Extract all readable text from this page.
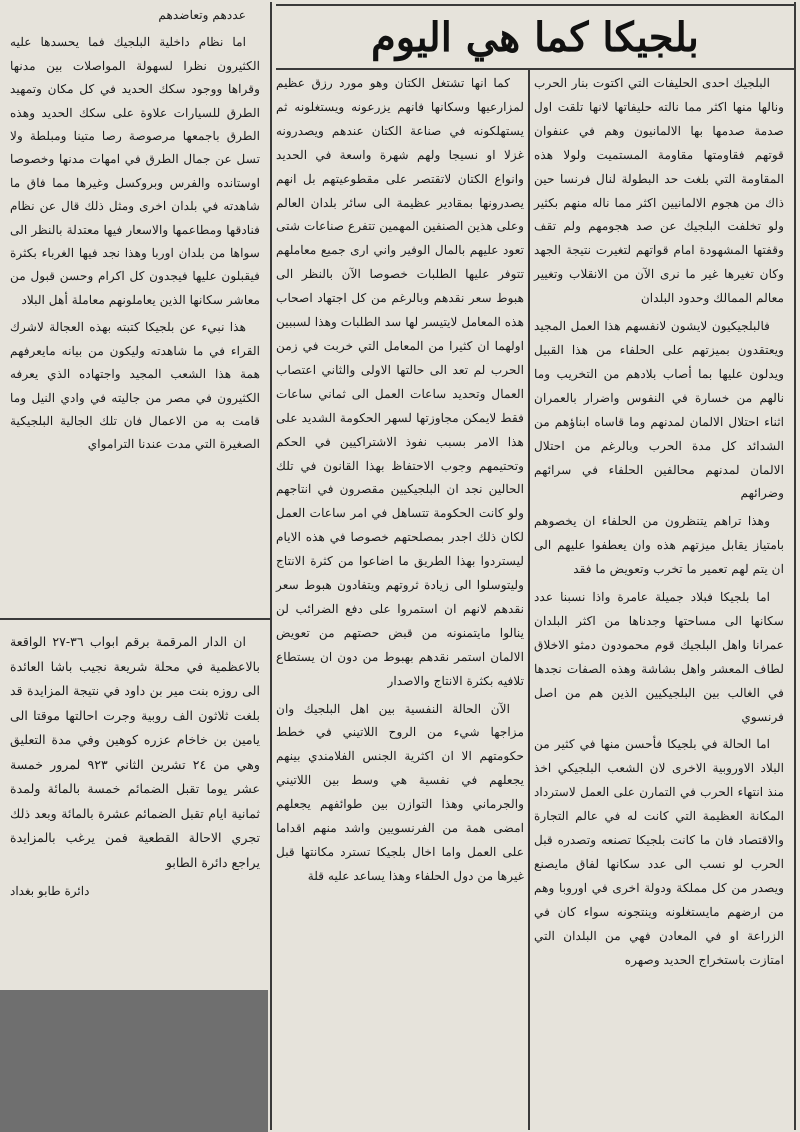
بلجيكا كما هي اليوم

البلجيك احدى الحليفات التي اكتوت بنار الحرب ونالها منها اكثر مما نالته حليفاتها لانها تلقت اول صدمة صدمها بها الالمانيون وهم في عنفوان قوتهم فقاومتها مقاومة المستميت ولولا هذه المقاومة التي بلغت حد البطولة لنال فرنسا حين ذاك من هجوم الالمانيين اكثر مما ناله منهم بكثير ولو تخلفت البلجيك عن صد هجومهم ولم تقف وقفتها المشهودة امام قواتهم لتغيرت نتيجة الجهد وكان تغيرها غير ما نرى الآن من الانقلاب وتغيير معالم الممالك وحدود البلدان

فالبلجيكيون لايشون لانفسهم هذا العمل المجيد ويعتقدون بميزتهم على الحلفاء من هذا القبيل ويدلون عليها بما أصاب بلادهم من التخريب وما نالهم من خسارة في النفوس واضرار بالعمران اثناء احتلال الالمان لمدنهم وما قاساه ابناؤهم من الشدائد كل مدة الحرب وبالرغم من احتلال الالمان لمدنهم محالفين الحلفاء في سرائهم وضرائهم

وهذا تراهم يتنظرون من الحلفاء ان يخصوهم بامتياز يقابل ميزتهم هذه وان يعطفوا عليهم الى ان يتم لهم تعمير ما تخرب وتعويض ما فقد

اما بلجيكا فبلاد جميلة عامرة واذا نسبنا عدد سكانها الى مساحتها وجدناها من اكثر البلدان عمرانا واهل البلجيك قوم محمودون دمثو الاخلاق لطاف المعشر واهل بشاشة وهذه الصفات نجدها في الغالب بين البلجيكيين الذين هم من اصل فرنسوي

اما الحالة في بلجيكا فأحسن منها في كثير من البلاد الاوروبية الاخرى لان الشعب البلجيكي اخذ منذ انتهاء الحرب في التمارن على العمل لاسترداد المكانة العظيمة التي كانت له في عالم التجارة والاقتصاد فان ما كانت بلجيكا تصنعه وتصدره قبل الحرب لو نسب الى عدد سكانها لفاق مايصنع ويصدر من كل مملكة ودولة اخرى في اوروبا وهم من ارضهم مايستغلونه وينتجونه سواء كان في الزراعة او في المعادن فهي من البلدان التي امتازت باستخراج الحديد وصهره

كما انها تشتغل الكتان وهو مورد رزق عظيم لمزارعيها وسكانها فانهم يزرعونه ويستغلونه ثم يستهلكونه في صناعة الكتان عندهم ويصدرونه غزلا او نسيجا ولهم شهرة واسعة في الحديد وانواع الكتان لاتقتصر على مقطوعيتهم بل انهم يصدرونها بمقادير عظيمة الى سائر بلدان العالم وعلى هذين الصنفين المهمين تتفرع صناعات شتى تعود عليهم بالمال الوفير واني ارى جميع معاملهم تتوفر عليها الطلبات خصوصا الآن بالنظر الى هبوط سعر نقدهم وبالرغم من كل اجتهاد اصحاب هذه المعامل لايتيسر لها سد الطلبات وهذا لسببين اولهما ان كثيرا من المعامل التي خربت في زمن الحرب لم تعد الى حالتها الاولى والثاني اعتصاب العمال وتحديد ساعات العمل الى ثماني ساعات فقط لايمكن مجاوزتها لسهر الحكومة الشديد على هذا الامر بسبب نفوذ الاشتراكيين في الحكم وتحتيمهم وجوب الاحتفاظ بهذا القانون في تلك الحالين نجد ان البلجيكيين مقصرون في انتاجهم ولو كانت الحكومة تتساهل في امر ساعات العمل لكان ذلك اجدر بمصلحتهم خصوصا في هذه الايام ليستردوا بهذا الطريق ما اضاعوا من كثرة الانتاج وليتوسلوا الى زيادة ثروتهم ويتفادون هبوط سعر نقدهم لانهم ان استمروا على دفع الضرائب لن ينالوا مايتمنونه من قبض حصتهم من تعويض الالمان استمر نقدهم بهبوط من دون ان يستطاع تلافيه بكثرة الانتاج والاصدار

الآن الحالة النفسية بين اهل البلجيك وان مزاجها شيء من الروح اللاتيني في خطط حكومتهم الا ان اكثرية الجنس الفلامندي بينهم يجعلهم في نفسية هي وسط بين اللاتيني والجرماني وهذا التوازن بين طوائفهم يجعلهم امضى همة من الفرنسويين واشد منهم اقداما على العمل واما اخال بلجيكا تسترد مكانتها قبل غيرها من دول الحلفاء وهذا يساعد عليه قلة

عددهم وتعاضدهم

اما نظام داخلية البلجيك فما يحسدها عليه الكثيرون نظرا لسهولة المواصلات بين مدنها وقراها ووجود سكك الحديد في كل مكان وتمهيد الطرق للسيارات علاوة على سكك الحديد وهذه الطرق باجمعها مرصوصة رصا متينا ومبلطة ولا تسل عن جمال الطرق في امهات مدنها وخصوصا اوستانده والفرس وبروكسل وغيرها مما فاق ما شاهدته في بلدان اخرى ومثل ذلك قال عن نظام فنادقها ومطاعمها والاسعار فيها معتدلة بالنظر الى سواها من بلدان اوربا وهذا نجد فيها الغرباء بكثرة فيقبلون عليها فيجدون كل اكرام وحسن قبول من معاشر سكانها الذين يعاملونهم معاملة أهل البلاد

هذا نبيء عن بلجيكا كتبته بهذه العجالة لاشرك القراء في ما شاهدته وليكون من بيانه مايعرفهم همة هذا الشعب المجيد واجتهاده الذي يعرفه الكثيرون في مصر من جاليته في وادي النيل وما قامت به من الاعمال فان تلك الجالية البلجيكية الصغيرة التي مدت عندنا الترامواي

ان الدار المرقمة برقم ابواب ٣٦-٢٧ الواقعة بالاعظمية في محلة شريعة نجيب باشا العائدة الى روزه بنت مير بن داود في نتيجة المزايدة قد بلغت ثلاثون الف روبية وجرت احالتها موقتا الى يامين بن خاخام عزره كوهين وفي مدة التعليق وهي من ٢٤ تشرين الثاني ٩٢٣ لمرور خمسة عشر يوما تقبل الضمائم خمسة بالمائة ولمدة ثمانية ايام تقبل الضمائم عشرة بالمائة وبعد ذلك تجري الاحالة القطعية فمن يرغب بالمزايدة يراجع دائرة الطابو

دائرة طابو بغداد
